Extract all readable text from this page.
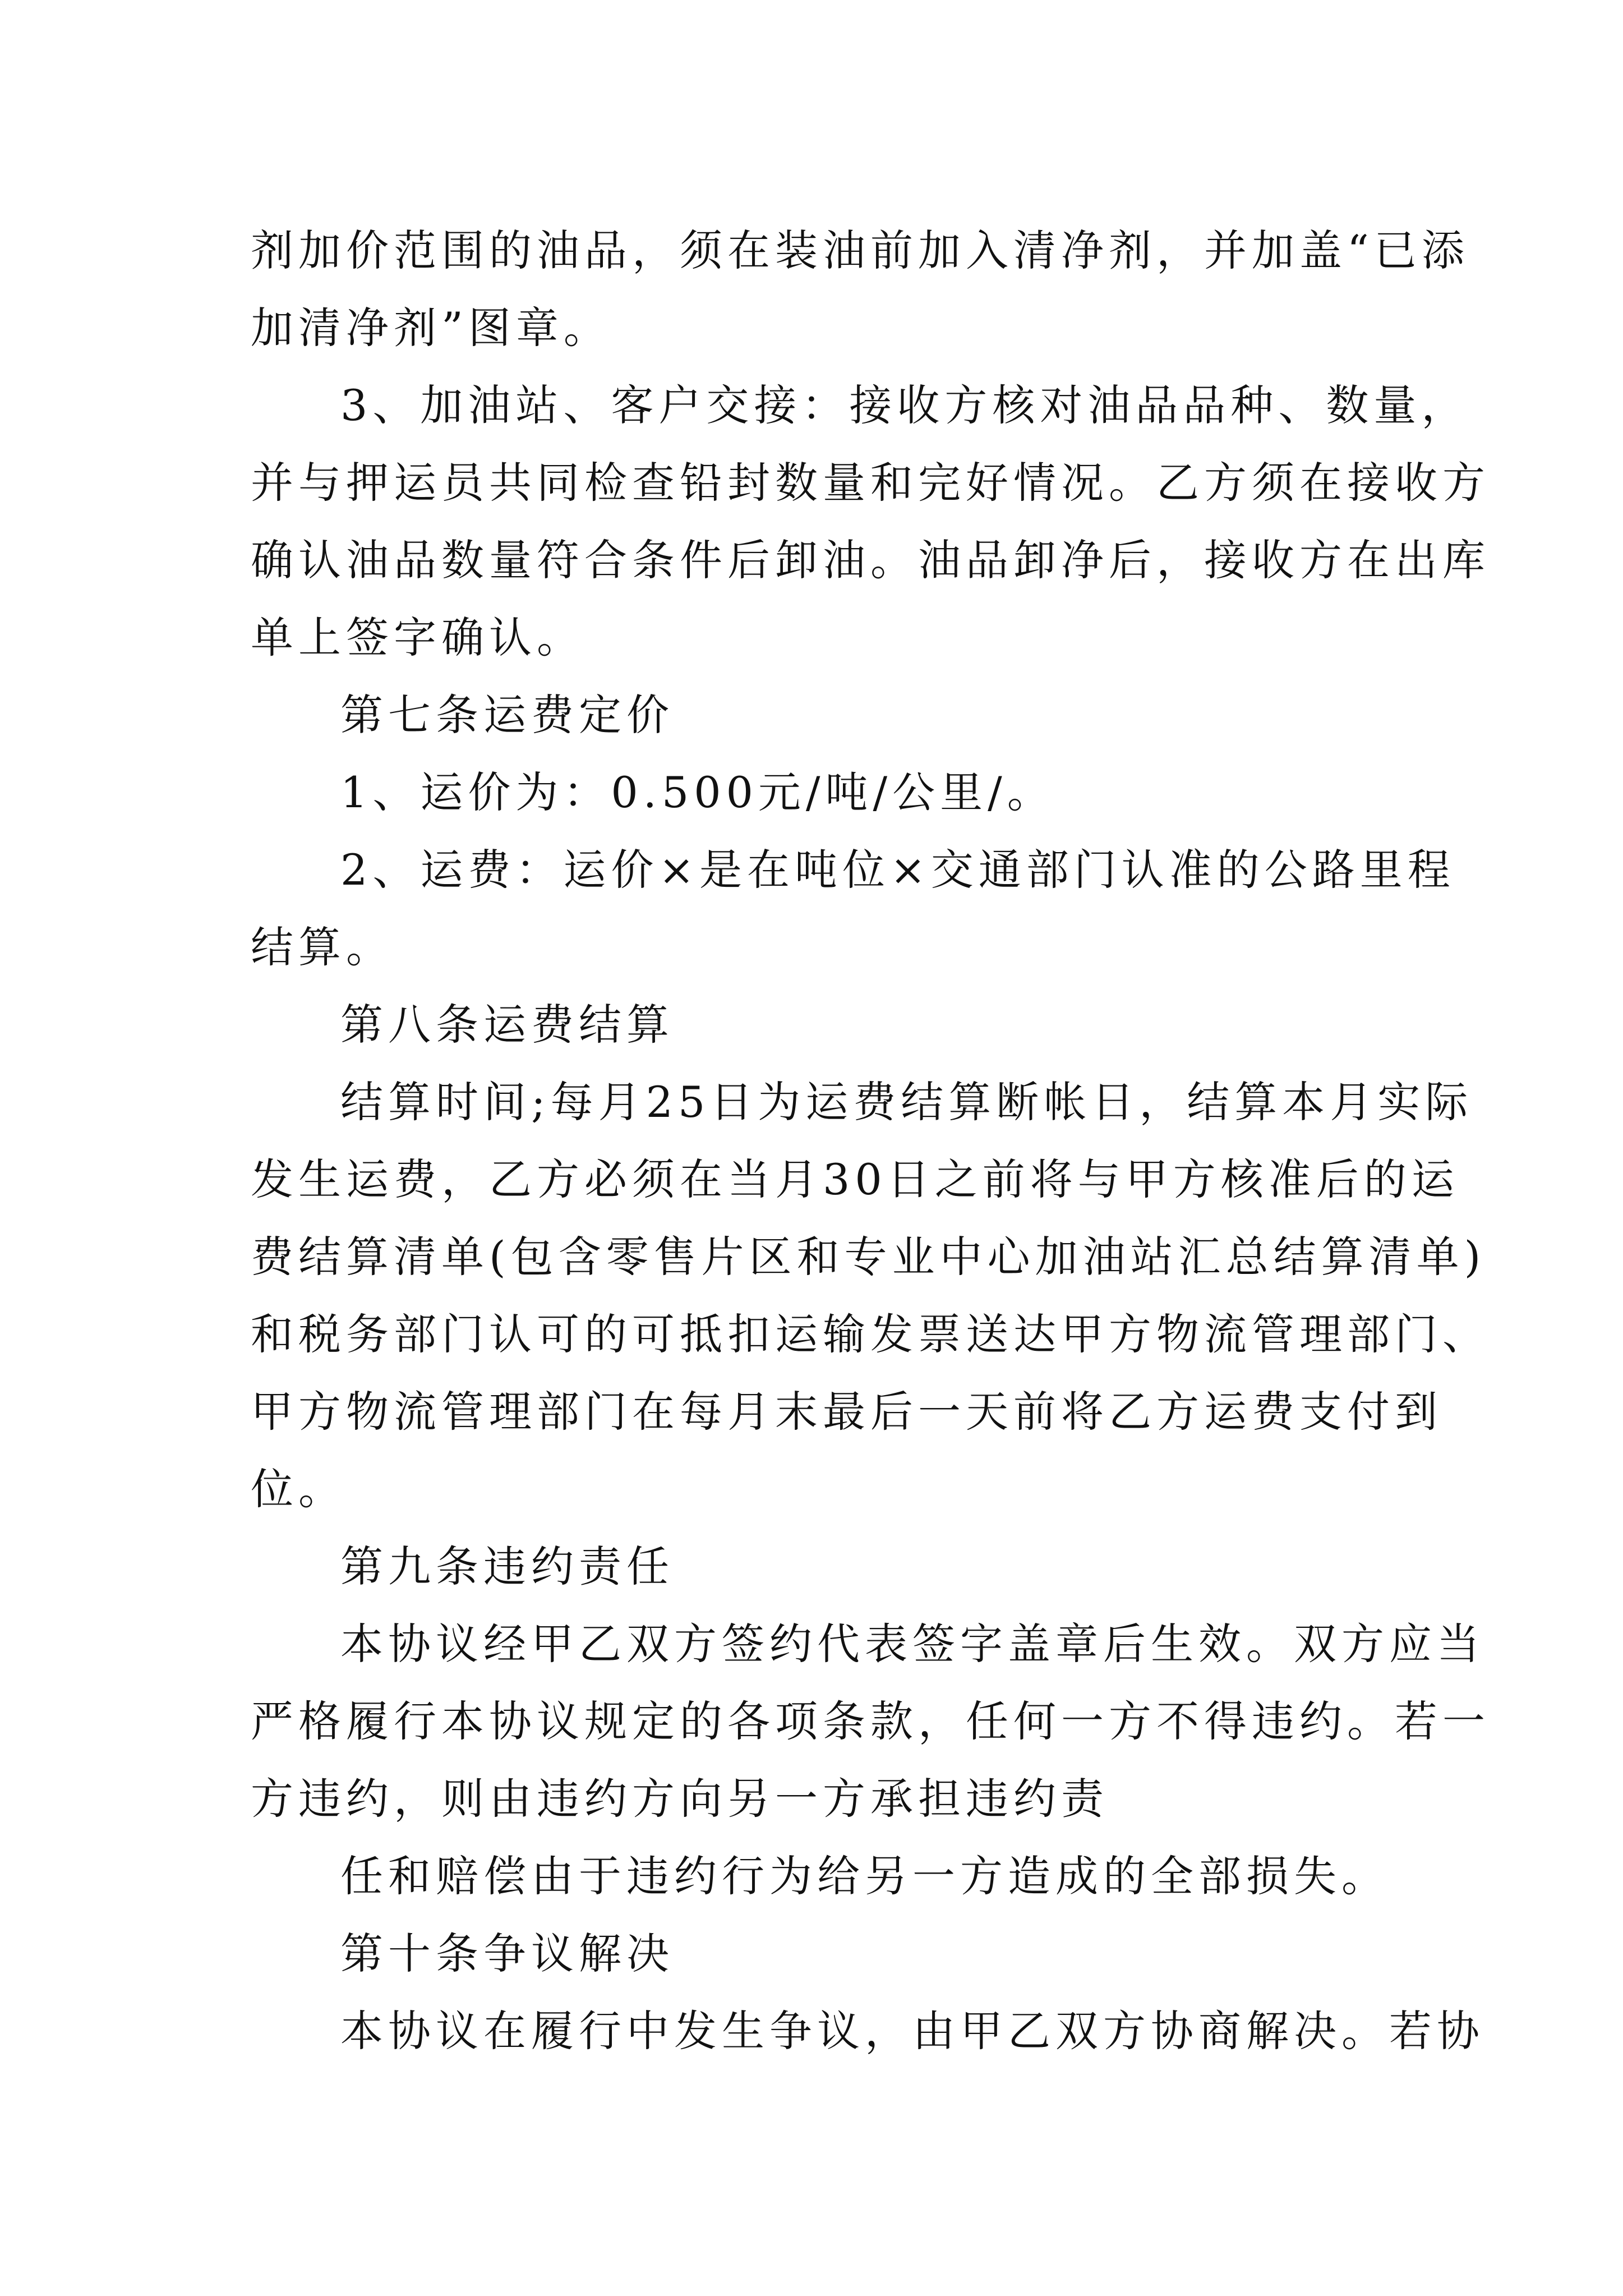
剂加价范围的油品，须在装油前加入清净剂，并加盖“已添
加清净剂”图章。
3、加油站、客户交接：接收方核对油品品种、数量，
并与押运员共同检查铅封数量和完好情况。乙方须在接收方
确认油品数量符合条件后卸油。油品卸净后，接收方在出库
单上签字确认。
第七条运费定价
1、运价为：0.500元/吨/公里/。
2、运费：运价×是在吨位×交通部门认准的公路里程
结算。
第八条运费结算
结算时间;每月25日为运费结算断帐日，结算本月实际
发生运费，乙方必须在当月30日之前将与甲方核准后的运
费结算清单(包含零售片区和专业中心加油站汇总结算清单)
和税务部门认可的可抵扣运输发票送达甲方物流管理部门、
甲方物流管理部门在每月末最后一天前将乙方运费支付到
位。
第九条违约责任
本协议经甲乙双方签约代表签字盖章后生效。双方应当
严格履行本协议规定的各项条款，任何一方不得违约。若一
方违约，则由违约方向另一方承担违约责
任和赔偿由于违约行为给另一方造成的全部损失。
第十条争议解决
本协议在履行中发生争议，由甲乙双方协商解决。若协
